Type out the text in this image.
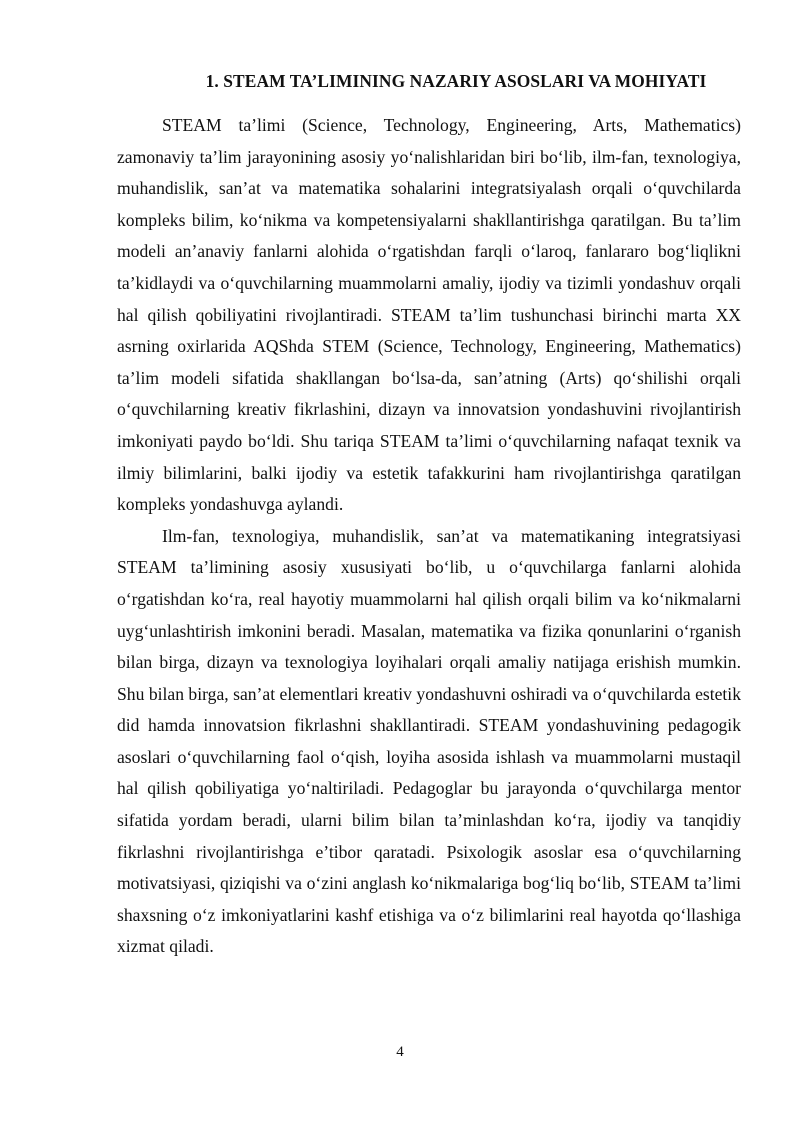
1. STEAM TA’LIMINING NAZARIY ASOSLARI VA MOHIYATI

STEAM ta’limi (Science, Technology, Engineering, Arts, Mathematics) zamonaviy ta’lim jarayonining asosiy yo‘nalishlaridan biri bo‘lib, ilm-fan, texnologiya, muhandislik, san’at va matematika sohalarini integratsiyalash orqali o‘quvchilarda kompleks bilim, ko‘nikma va kompetensiyalarni shakllantirishga qaratilgan. Bu ta’lim modeli an’anaviy fanlarni alohida o‘rgatishdan farqli o‘laroq, fanlararo bog‘liqlikni ta’kidlaydi va o‘quvchilarning muammolarni amaliy, ijodiy va tizimli yondashuv orqali hal qilish qobiliyatini rivojlantiradi. STEAM ta’lim tushunchasi birinchi marta XX asrning oxirlarida AQShda STEM (Science, Technology, Engineering, Mathematics) ta’lim modeli sifatida shakllangan bo‘lsa-da, san’atning (Arts) qo‘shilishi orqali o‘quvchilarning kreativ fikrlashini, dizayn va innovatsion yondashuvini rivojlantirish imkoniyati paydo bo‘ldi. Shu tariqa STEAM ta’limi o‘quvchilarning nafaqat texnik va ilmiy bilimlarini, balki ijodiy va estetik tafakkurini ham rivojlantirishga qaratilgan kompleks yondashuvga aylandi.

Ilm-fan, texnologiya, muhandislik, san’at va matematikaning integratsiyasi STEAM ta’limining asosiy xususiyati bo‘lib, u o‘quvchilarga fanlarni alohida o‘rgatishdan ko‘ra, real hayotiy muammolarni hal qilish orqali bilim va ko‘nikmalarni uyg‘unlashtirish imkonini beradi. Masalan, matematika va fizika qonunlarini o‘rganish bilan birga, dizayn va texnologiya loyihalari orqali amaliy natijaga erishish mumkin. Shu bilan birga, san’at elementlari kreativ yondashuvni oshiradi va o‘quvchilarda estetik did hamda innovatsion fikrlashni shakllantiradi. STEAM yondashuvining pedagogik asoslari o‘quvchilarning faol o‘qish, loyiha asosida ishlash va muammolarni mustaqil hal qilish qobiliyatiga yo‘naltiriladi. Pedagoglar bu jarayonda o‘quvchilarga mentor sifatida yordam beradi, ularni bilim bilan ta’minlashdan ko‘ra, ijodiy va tanqidiy fikrlashni rivojlantirishga e’tibor qaratadi. Psixologik asoslar esa o‘quvchilarning motivatsiyasi, qiziqishi va o‘zini anglash ko‘nikmalariga bog‘liq bo‘lib, STEAM ta’limi shaxsning o‘z imkoniyatlarini kashf etishiga va o‘z bilimlarini real hayotda qo‘llashiga xizmat qiladi.

4
